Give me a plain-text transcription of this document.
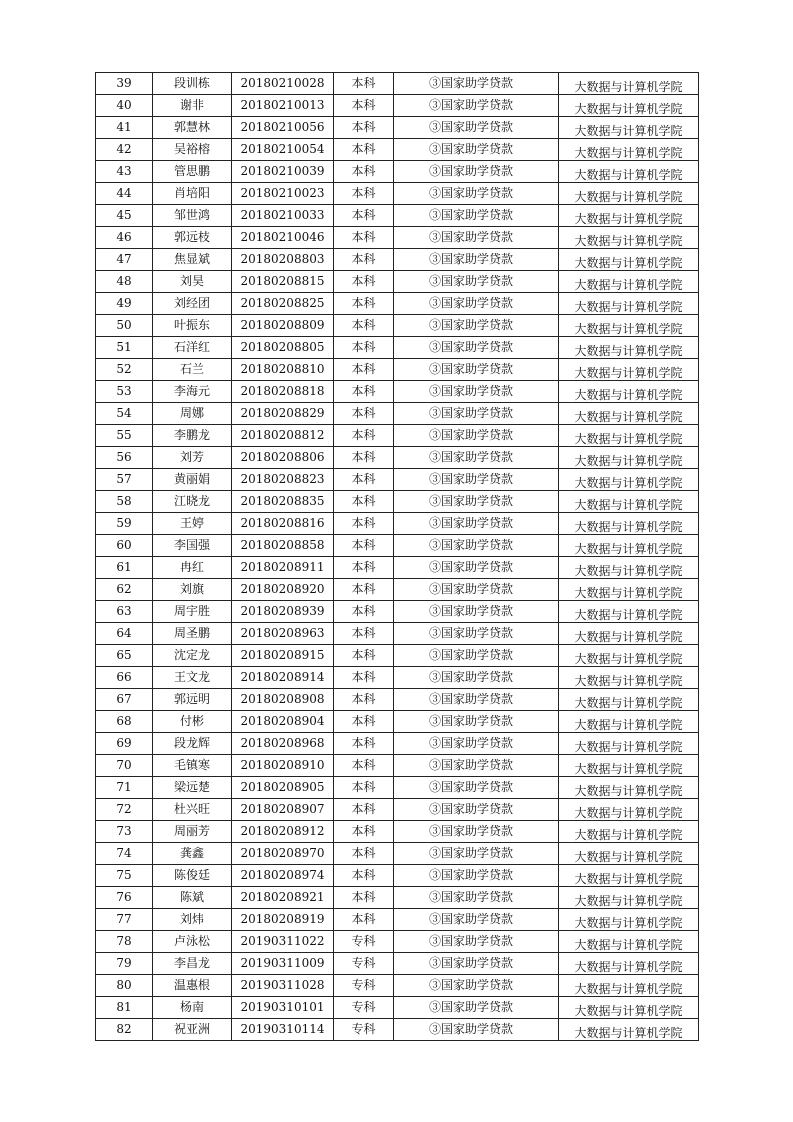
39	段训栋	20180210028	本科	③国家助学贷款	大数据与计算机学院

40	谢非	20180210013	本科	③国家助学贷款	大数据与计算机学院

41	郭慧林	20180210056	本科	③国家助学贷款	大数据与计算机学院

42	吴裕榕	20180210054	本科	③国家助学贷款	大数据与计算机学院

43	管思鹏	20180210039	本科	③国家助学贷款	大数据与计算机学院

44	肖培阳	20180210023	本科	③国家助学贷款	大数据与计算机学院

45	邹世鸿	20180210033	本科	③国家助学贷款	大数据与计算机学院

46	郭远枝	20180210046	本科	③国家助学贷款	大数据与计算机学院

47	焦显斌	20180208803	本科	③国家助学贷款	大数据与计算机学院

48	刘昊	20180208815	本科	③国家助学贷款	大数据与计算机学院

49	刘经团	20180208825	本科	③国家助学贷款	大数据与计算机学院

50	叶振东	20180208809	本科	③国家助学贷款	大数据与计算机学院

51	石洋红	20180208805	本科	③国家助学贷款	大数据与计算机学院

52	石兰	20180208810	本科	③国家助学贷款	大数据与计算机学院

53	李海元	20180208818	本科	③国家助学贷款	大数据与计算机学院

54	周娜	20180208829	本科	③国家助学贷款	大数据与计算机学院

55	李鹏龙	20180208812	本科	③国家助学贷款	大数据与计算机学院

56	刘芳	20180208806	本科	③国家助学贷款	大数据与计算机学院

57	黄丽娟	20180208823	本科	③国家助学贷款	大数据与计算机学院

58	江晓龙	20180208835	本科	③国家助学贷款	大数据与计算机学院

59	王婷	20180208816	本科	③国家助学贷款	大数据与计算机学院

60	李国强	20180208858	本科	③国家助学贷款	大数据与计算机学院

61	冉红	20180208911	本科	③国家助学贷款	大数据与计算机学院

62	刘旗	20180208920	本科	③国家助学贷款	大数据与计算机学院

63	周宇胜	20180208939	本科	③国家助学贷款	大数据与计算机学院

64	周圣鹏	20180208963	本科	③国家助学贷款	大数据与计算机学院

65	沈定龙	20180208915	本科	③国家助学贷款	大数据与计算机学院

66	王文龙	20180208914	本科	③国家助学贷款	大数据与计算机学院

67	郭远明	20180208908	本科	③国家助学贷款	大数据与计算机学院

68	付彬	20180208904	本科	③国家助学贷款	大数据与计算机学院

69	段龙辉	20180208968	本科	③国家助学贷款	大数据与计算机学院

70	毛镇寒	20180208910	本科	③国家助学贷款	大数据与计算机学院

71	梁远楚	20180208905	本科	③国家助学贷款	大数据与计算机学院

72	杜兴旺	20180208907	本科	③国家助学贷款	大数据与计算机学院

73	周丽芳	20180208912	本科	③国家助学贷款	大数据与计算机学院

74	龚鑫	20180208970	本科	③国家助学贷款	大数据与计算机学院

75	陈俊廷	20180208974	本科	③国家助学贷款	大数据与计算机学院

76	陈斌	20180208921	本科	③国家助学贷款	大数据与计算机学院

77	刘炜	20180208919	本科	③国家助学贷款	大数据与计算机学院

78	卢泳松	20190311022	专科	③国家助学贷款	大数据与计算机学院

79	李昌龙	20190311009	专科	③国家助学贷款	大数据与计算机学院

80	温惠根	20190311028	专科	③国家助学贷款	大数据与计算机学院

81	杨南	20190310101	专科	③国家助学贷款	大数据与计算机学院

82	祝亚洲	20190310114	专科	③国家助学贷款	大数据与计算机学院
